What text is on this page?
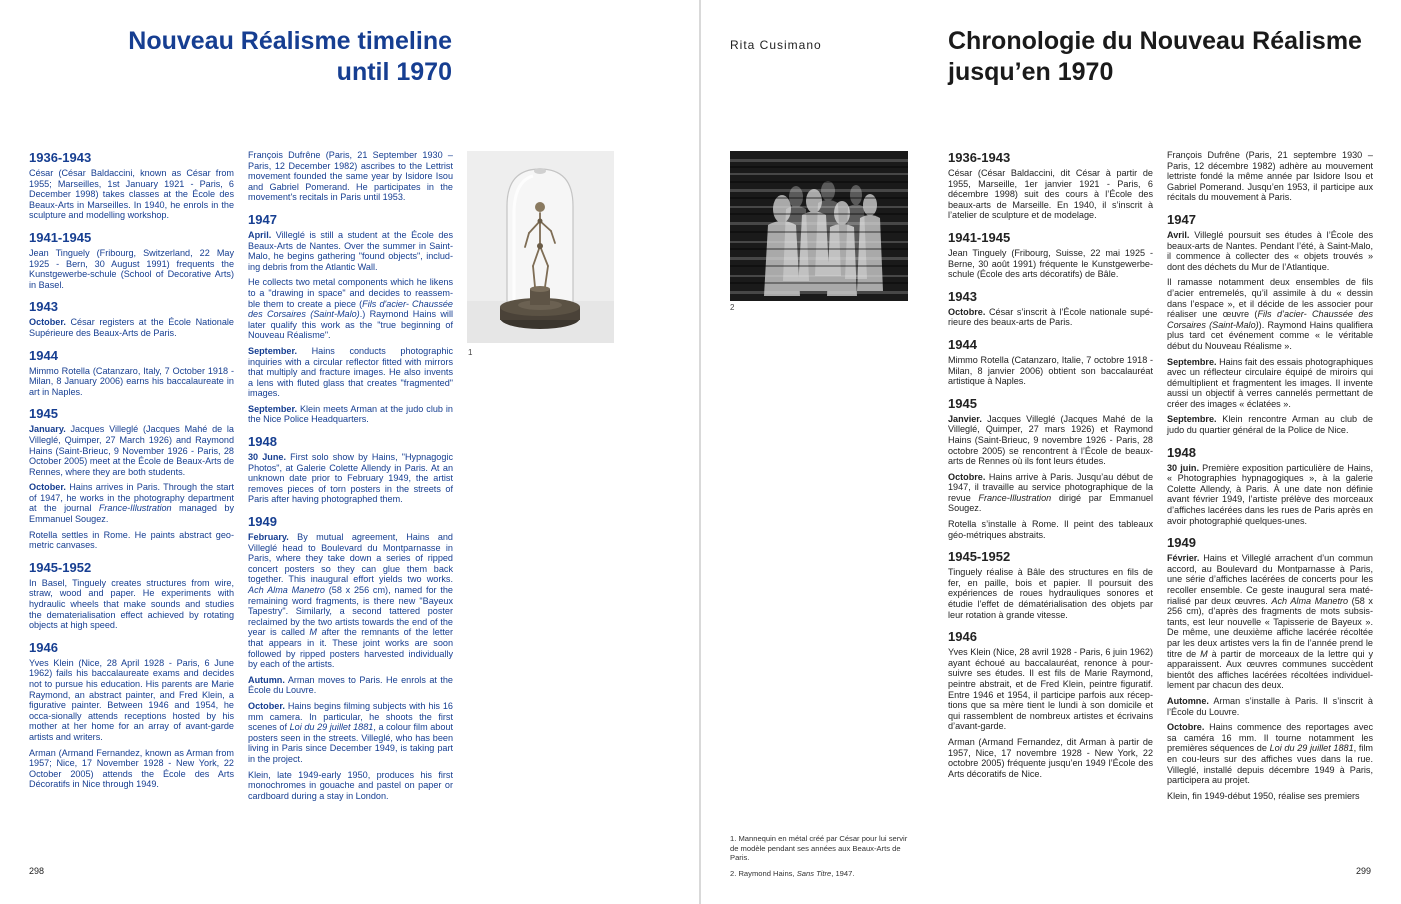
Nouveau Réalisme timeline
until 1970
1936-1943

César (César Baldaccini, known as César from 1955; Marseilles, 1st January 1921 - Paris, 6 December 1998) takes classes at the École des Beaux-Arts in Marseilles. In 1940, he enrols in the sculpture and modelling workshop.

1941-1945

Jean Tinguely (Fribourg, Switzerland, 22 May 1925 - Bern, 30 August 1991) frequents the Kunstgewerbe-schule (School of Decorative Arts) in Basel.

1943

October. César registers at the École Nationale Supérieure des Beaux-Arts de Paris.

1944

Mimmo Rotella (Catanzaro, Italy, 7 October 1918 - Milan, 8 January 2006) earns his baccalaureate in art in Naples.

1945

January. Jacques Villeglé (Jacques Mahé de la Villeglé, Quimper, 27 March 1926) and Raymond Hains (Saint-Brieuc, 9 November 1926 - Paris, 28 October 2005) meet at the École de Beaux-Arts de Rennes, where they are both students.

October. Hains arrives in Paris. Through the start of 1947, he works in the photography department at the journal France-Illustration managed by Emmanuel Sougez.

Rotella settles in Rome. He paints abstract geo-metric canvases.

1945-1952

In Basel, Tinguely creates structures from wire, straw, wood and paper. He experiments with hydraulic wheels that make sounds and studies the dematerialisation effect achieved by rotating objects at high speed.

1946

Yves Klein (Nice, 28 April 1928 - Paris, 6 June 1962) fails his baccalaureate exams and decides not to pursue his education. His parents are Marie Raymond, an abstract painter, and Fred Klein, a figurative painter. Between 1946 and 1954, he occa-sionally attends receptions hosted by his mother at her home for an array of avant-garde artists and writers.

Arman (Armand Fernandez, known as Arman from 1957; Nice, 17 November 1928 - New York, 22 October 2005) attends the École des Arts Décoratifs in Nice through 1949.

François Dufrêne (Paris, 21 September 1930 – Paris, 12 December 1982) ascribes to the Lettrist movement founded the same year by Isidore Isou and Gabriel Pomerand. He participates in the movement's recitals in Paris until 1953.

1947

April. Villeglé is still a student at the École des Beaux-Arts de Nantes. Over the summer in Saint-Malo, he begins gathering "found objects", includ-ing debris from the Atlantic Wall.

He collects two metal components which he likens to a "drawing in space" and decides to reassem-ble them to create a piece (Fils d'acier- Chaussée des Corsaires (Saint-Malo).) Raymond Hains will later qualify this work as the "true beginning of Nouveau Réalisme".

September. Hains conducts photographic inquiries with a circular reflector fitted with mirrors that multiply and fracture images. He also invents a lens with fluted glass that creates "fragmented" images.

September. Klein meets Arman at the judo club in the Nice Police Headquarters.

1948

30 June. First solo show by Hains, "Hypnagogic Photos", at Galerie Colette Allendy in Paris. At an unknown date prior to February 1949, the artist removes pieces of torn posters in the streets of Paris after having photographed them.

1949

February. By mutual agreement, Hains and Villeglé head to Boulevard du Montparnasse in Paris, where they take down a series of ripped concert posters so they can glue them back together. This inaugural effort yields two works. Ach Alma Manetro (58 x 256 cm), named for the remaining word fragments, is there new "Bayeux Tapestry". Similarly, a second tattered poster reclaimed by the two artists towards the end of the year is called M after the remnants of the letter that appears in it. These joint works are soon followed by ripped posters harvested individually by each of the artists.

Autumn. Arman moves to Paris. He enrols at the École du Louvre.

October. Hains begins filming subjects with his 16 mm camera. In particular, he shoots the first scenes of Loi du 29 juillet 1881, a colour film about posters seen in the streets. Villeglé, who has been living in Paris since December 1949, is taking part in the project.

Klein, late 1949-early 1950, produces his first monochromes in gouache and pastel on paper or cardboard during a stay in London.

1
298
Rita Cusimano	Chronologie du Nouveau Réalisme
jusqu’en 1970
2
1936-1943

César (César Baldaccini, dit César à partir de 1955, Marseille, 1er janvier 1921 - Paris, 6 décembre 1998) suit des cours à l’École des beaux-arts de Marseille. En 1940, il s’inscrit à l’atelier de sculpture et de modelage.

1941-1945

Jean Tinguely (Fribourg, Suisse, 22 mai 1925 - Berne, 30 août 1991) fréquente le Kunstgewerbe-schule (École des arts décoratifs) de Bâle.

1943

Octobre. César s’inscrit à l’École nationale supé-rieure des beaux-arts de Paris.

1944

Mimmo Rotella (Catanzaro, Italie, 7 octobre 1918 - Milan, 8 janvier 2006) obtient son baccalauréat artistique à Naples.

1945

Janvier. Jacques Villeglé (Jacques Mahé de la Villeglé, Quimper, 27 mars 1926) et Raymond Hains (Saint-Brieuc, 9 novembre 1926 - Paris, 28 octobre 2005) se rencontrent à l’École de beaux-arts de Rennes où ils font leurs études.

Octobre. Hains arrive à Paris. Jusqu’au début de 1947, il travaille au service photographique de la revue France-Illustration dirigé par Emmanuel Sougez.

Rotella s’installe à Rome. Il peint des tableaux géo-métriques abstraits.

1945-1952

Tinguely réalise à Bâle des structures en fils de fer, en paille, bois et papier. Il poursuit des expériences de roues hydrauliques sonores et étudie l’effet de dématérialisation des objets par leur rotation à grande vitesse.

1946

Yves Klein (Nice, 28 avril 1928 - Paris, 6 juin 1962) ayant échoué au baccalauréat, renonce à pour-suivre ses études. Il est fils de Marie Raymond, peintre abstrait, et de Fred Klein, peintre figuratif. Entre 1946 et 1954, il participe parfois aux récep-tions que sa mère tient le lundi à son domicile et qui rassemblent de nombreux artistes et écrivains d’avant-garde.

Arman (Armand Fernandez, dit Arman à partir de 1957, Nice, 17 novembre 1928 - New York, 22 octobre 2005) fréquente jusqu’en 1949 l’École des Arts décoratifs de Nice.

François Dufrêne (Paris, 21 septembre 1930 – Paris, 12 décembre 1982) adhère au mouvement lettriste fondé la même année par Isidore Isou et Gabriel Pomerand. Jusqu’en 1953, il participe aux récitals du mouvement à Paris.

1947

Avril. Villeglé poursuit ses études à l’École des beaux-arts de Nantes. Pendant l’été, à Saint-Malo, il commence à collecter des « objets trouvés » dont des déchets du Mur de l’Atlantique.

Il ramasse notamment deux ensembles de fils d’acier entremelés, qu’il assimile à du « dessin dans l’espace », et il décide de les associer pour réaliser une œuvre (Fils d’acier- Chaussée des Corsaires (Saint-Malo)). Raymond Hains qualifiera plus tard cet événement comme « le véritable début du Nouveau Réalisme ».

Septembre. Hains fait des essais photographiques avec un réflecteur circulaire équipé de miroirs qui démultiplient et fragmentent les images. Il invente aussi un objectif à verres cannelés permettant de créer des images « éclatées ».

Septembre. Klein rencontre Arman au club de judo du quartier général de la Police de Nice.

1948

30 juin. Première exposition particulière de Hains, « Photographies hypnagogiques », à la galerie Colette Allendy, à Paris. À une date non définie avant février 1949, l’artiste prélève des morceaux d’affiches lacérées dans les rues de Paris après en avoir photographié quelques-unes.

1949

Février. Hains et Villeglé arrachent d’un commun accord, au Boulevard du Montparnasse à Paris, une série d’affiches lacérées de concerts pour les recoller ensemble. Ce geste inaugural sera maté-rialisé par deux œuvres. Ach Alma Manetro (58 x 256 cm), d’après des fragments de mots subsis-tants, est leur nouvelle « Tapisserie de Bayeux ». De même, une deuxième affiche lacérée récoltée par les deux artistes vers la fin de l’année prend le titre de M à partir de morceaux de la lettre qui y apparaissent. Aux œuvres communes succèdent bientôt des affiches lacérées récoltées individuel-lement par chacun des deux.

Automne. Arman s’installe à Paris. Il s’inscrit à l’École du Louvre.

Octobre. Hains commence des reportages avec sa caméra 16 mm. Il tourne notamment les premières séquences de Loi du 29 juillet 1881, film en cou-leurs sur des affiches vues dans la rue. Villeglé, installé depuis décembre 1949 à Paris, participera au projet.

Klein, fin 1949-début 1950, réalise ses premiers

1. Mannequin en métal créé par César pour lui servir de modèle pendant ses années aux Beaux-Arts de Paris.

2. Raymond Hains, Sans Titre, 1947.	299
